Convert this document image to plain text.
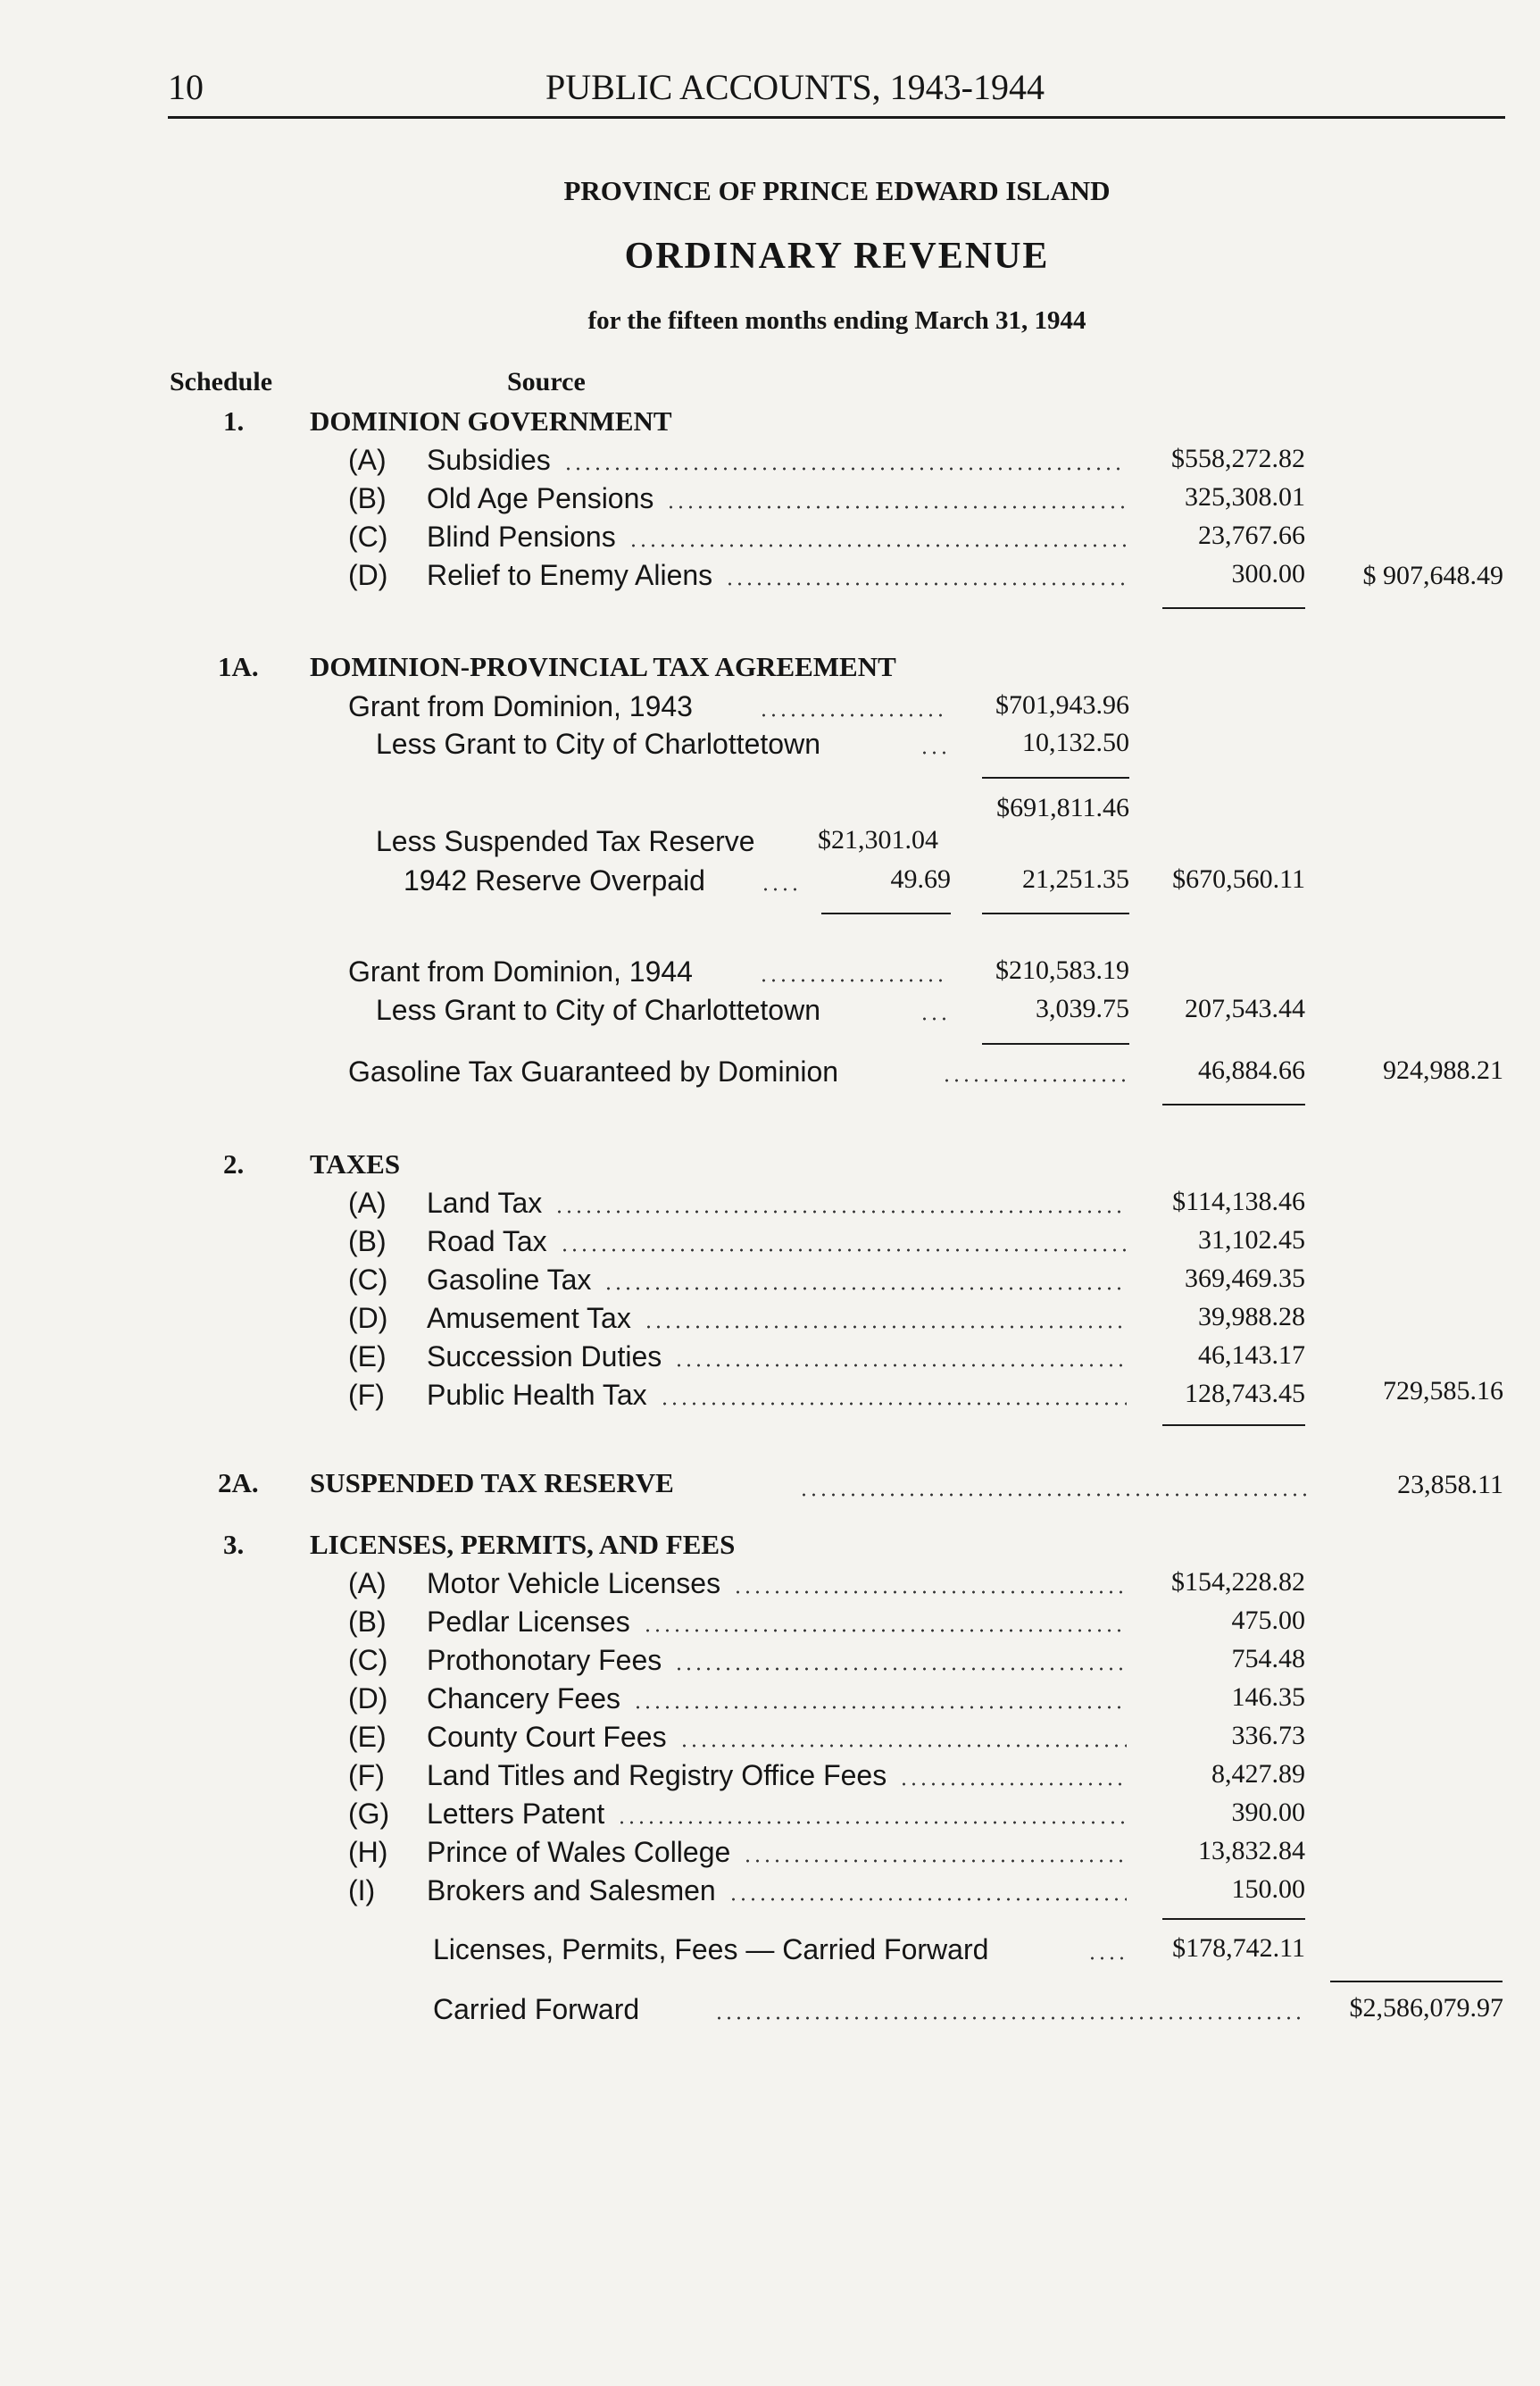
10	PUBLIC ACCOUNTS, 1943-1944
PROVINCE OF PRINCE EDWARD ISLAND
ORDINARY REVENUE
for the fifteen months ending March 31, 1944
Schedule	Source
1. DOMINION GOVERNMENT
(A) Subsidies	$558,272.82
(B) Old Age Pensions	325,308.01
(C) Blind Pensions	23,767.66
(D) Relief to Enemy Aliens	300.00 $ 907,648.49
1A. DOMINION-PROVINCIAL TAX AGREEMENT
Grant from Dominion, 1943	$701,943.96
Less Grant to City of Charlottetown	10,132.50
$691,811.46
Less Suspended Tax Reserve $21,301.04
1942 Reserve Overpaid	49.69	21,251.35 $670,560.11
Grant from Dominion, 1944	$210,583.19
Less Grant to City of Charlottetown	3,039.75 207,543.44
Gasoline Tax Guaranteed by Dominion	46,884.66	924,988.21
2. TAXES
(A) Land Tax	$114,138.46
(B) Road Tax	31,102.45
(C) Gasoline Tax	369,469.35
(D) Amusement Tax	39,988.28
(E) Succession Duties	46,143.17
(F) Public Health Tax	128,743.45	729,585.16
2A. SUSPENDED TAX RESERVE	23,858.11
3. LICENSES, PERMITS, AND FEES
(A) Motor Vehicle Licenses	$154,228.82
(B) Pedlar Licenses	475.00
(C) Prothonotary Fees	754.48
(D) Chancery Fees	146.35
(E) County Court Fees	336.73
(F) Land Titles and Registry Office Fees	8,427.89
(G) Letters Patent	390.00
(H) Prince of Wales College	13,832.84
(I) Brokers and Salesmen	150.00
Licenses, Permits, Fees — Carried Forward	$178,742.11
Carried Forward	$2,586,079.97
